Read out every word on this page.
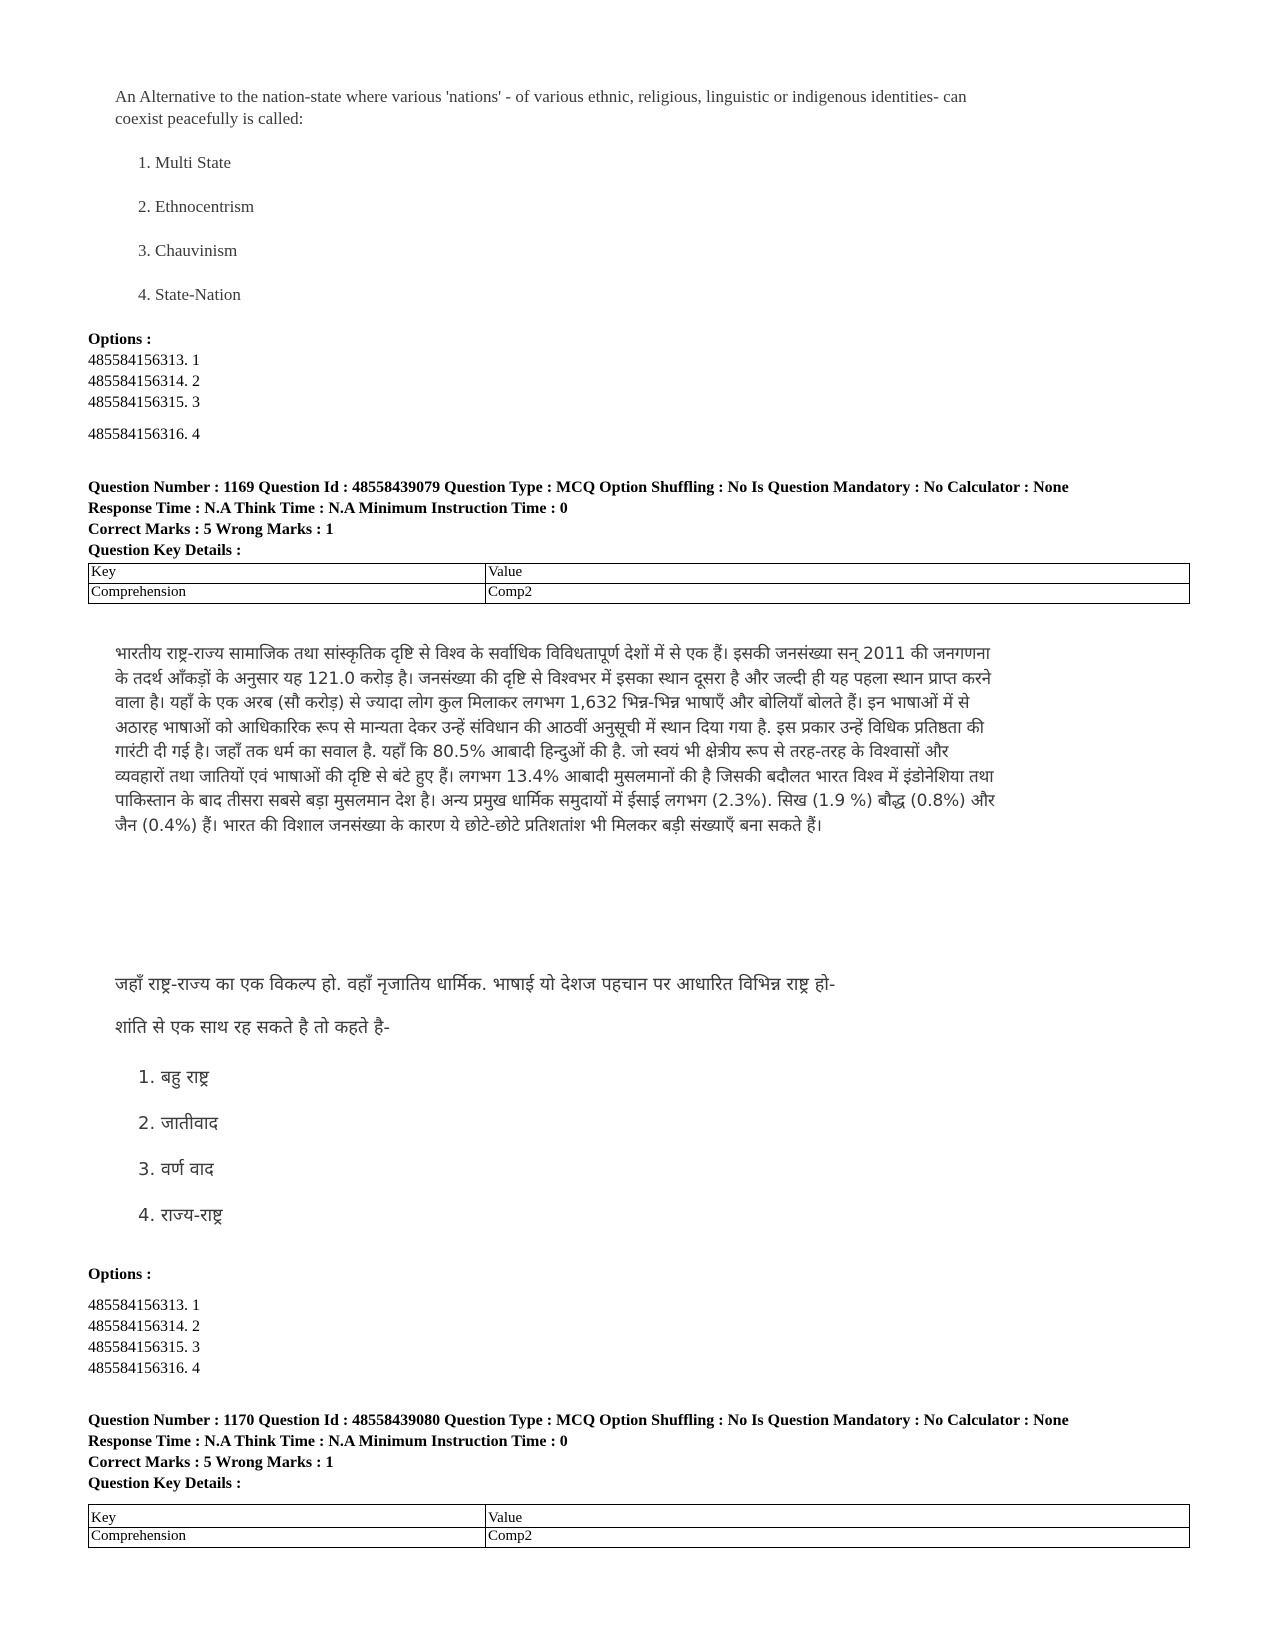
An Alternative to the nation-state where various 'nations' - of various ethnic, religious, linguistic or indigenous identities- can coexist peacefully is called:
1. Multi State
2. Ethnocentrism
3. Chauvinism
4. State-Nation
Options :
485584156313. 1
485584156314. 2
485584156315. 3
485584156316. 4
Question Number : 1169 Question Id : 48558439079 Question Type : MCQ Option Shuffling : No Is Question Mandatory : No Calculator : None
Response Time : N.A Think Time : N.A Minimum Instruction Time : 0
Correct Marks : 5 Wrong Marks : 1
Question Key Details :
Key	Value
Comprehension	Comp2
भारतीय राष्ट्र-राज्य सामाजिक तथा सांस्कृतिक दृष्टि से विश्व के सर्वाधिक विविधतापूर्ण देशों में से एक हैं। इसकी जनसंख्या सन् 2011 की जनगणना के तदर्थ आँकड़ों के अनुसार यह 121.0 करोड़ है। जनसंख्या की दृष्टि से विश्वभर में इसका स्थान दूसरा है और जल्दी ही यह पहला स्थान प्राप्त करने वाला है। यहाँ के एक अरब (सौ करोड़) से ज्यादा लोग कुल मिलाकर लगभग 1,632 भिन्न-भिन्न भाषाएँ और बोलियाँ बोलते हैं। इन भाषाओं में से अठारह भाषाओं को आधिकारिक रूप से मान्यता देकर उन्हें संविधान की आठवीं अनुसूची में स्थान दिया गया है. इस प्रकार उन्हें विधिक प्रतिष्ठता की गारंटी दी गई है। जहाँ तक धर्म का सवाल है. यहाँ कि 80.5% आबादी हिन्दुओं की है. जो स्वयं भी क्षेत्रीय रूप से तरह-तरह के विश्वासों और व्यवहारों तथा जातियों एवं भाषाओं की दृष्टि से बंटे हुए हैं। लगभग 13.4% आबादी मुसलमानों की है जिसकी बदौलत भारत विश्व में इंडोनेशिया तथा पाकिस्तान के बाद तीसरा सबसे बड़ा मुसलमान देश है। अन्य प्रमुख धार्मिक समुदायों में ईसाई लगभग (2.3%). सिख (1.9 %) बौद्ध (0.8%) और जैन (0.4%) हैं। भारत की विशाल जनसंख्या के कारण ये छोटे-छोटे प्रतिशतांश भी मिलकर बड़ी संख्याएँ बना सकते हैं।
जहाँ राष्ट्र-राज्य का एक विकल्प हो. वहाँ नृजातिय धार्मिक. भाषाई यो देशज पहचान पर आधारित विभिन्न राष्ट्र हो-
शांति से एक साथ रह सकते है तो कहते है-
1. बहु राष्ट्र
2. जातीवाद
3. वर्ण वाद
4. राज्य-राष्ट्र
Options :
485584156313. 1
485584156314. 2
485584156315. 3
485584156316. 4
Question Number : 1170 Question Id : 48558439080 Question Type : MCQ Option Shuffling : No Is Question Mandatory : No Calculator : None
Response Time : N.A Think Time : N.A Minimum Instruction Time : 0
Correct Marks : 5 Wrong Marks : 1
Question Key Details :
Key	Value
Comprehension	Comp2
